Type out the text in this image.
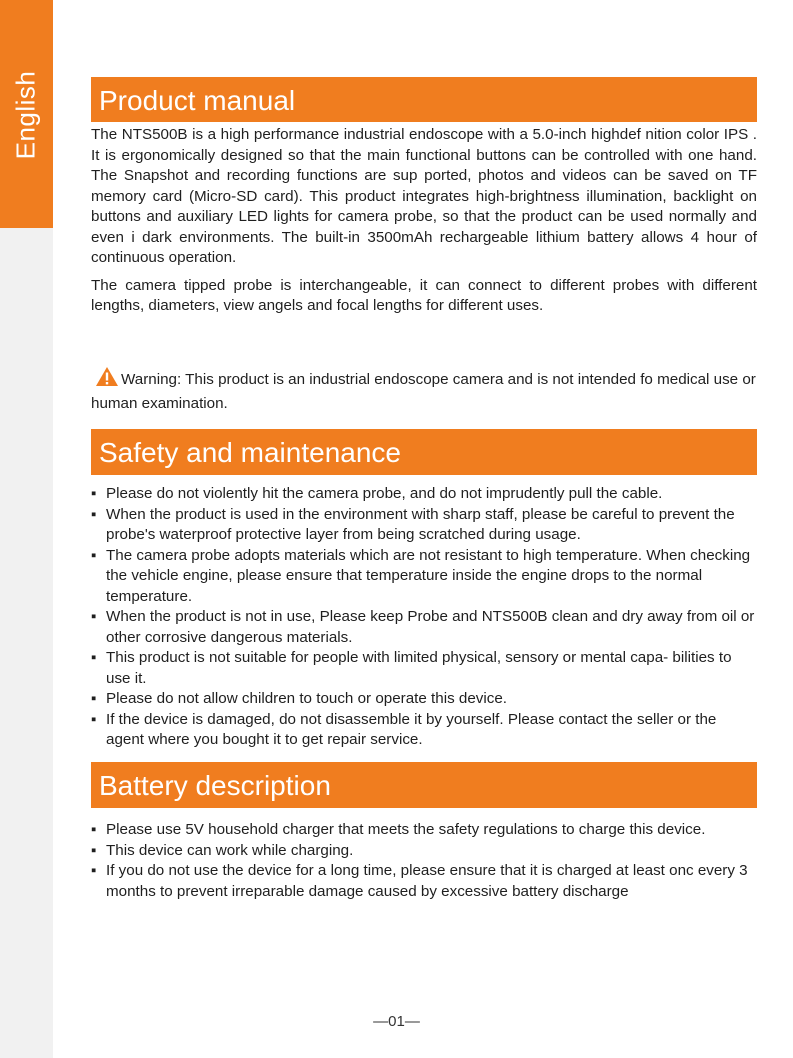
English Product manual

The NTS500B is a high performance industrial endoscope with a 5.0-inch highdef nition color IPS . It is ergonomically designed so that the main functional buttons can be controlled with one hand. The Snapshot and recording functions are sup ported, photos and videos can be saved on TF memory card (Micro-SD card). This product integrates high-brightness illumination, backlight on buttons and auxiliary LED lights for camera probe, so that the product can be used normally and even i dark environments. The built-in 3500mAh rechargeable lithium battery allows 4 hour of continuous operation.

The camera tipped probe is interchangeable, it can connect to different probes with different lengths, diameters, view angels and focal lengths for different uses.

Warning: This product is an industrial endoscope camera and is not intended fo medical use or human examination.
Safety and maintenance
▪ Please do not violently hit the camera probe, and do not imprudently pull the cable.
▪ When the product is used in the environment with sharp staff, please be careful to prevent the probe's waterproof protective layer from being scratched during usage.
▪ The camera probe adopts materials which are not resistant to high temperature. When checking the vehicle engine, please ensure that temperature inside the engine drops to the normal temperature.
▪ When the product is not in use, Please keep Probe and NTS500B clean and dry away from oil or other corrosive dangerous materials.
▪ This product is not suitable for people with limited physical, sensory or mental capa- bilities to use it.
▪ Please do not allow children to touch or operate this device.
▪ If the device is damaged, do not disassemble it by yourself. Please contact the seller or the agent where you bought it to get repair service.
Battery description
▪ Please use 5V household charger that meets the safety regulations to charge this device.
▪ This device can work while charging.
▪ If you do not use the device for a long time, please ensure that it is charged at least onc every 3 months to prevent irreparable damage caused by excessive battery discharge
—01—
